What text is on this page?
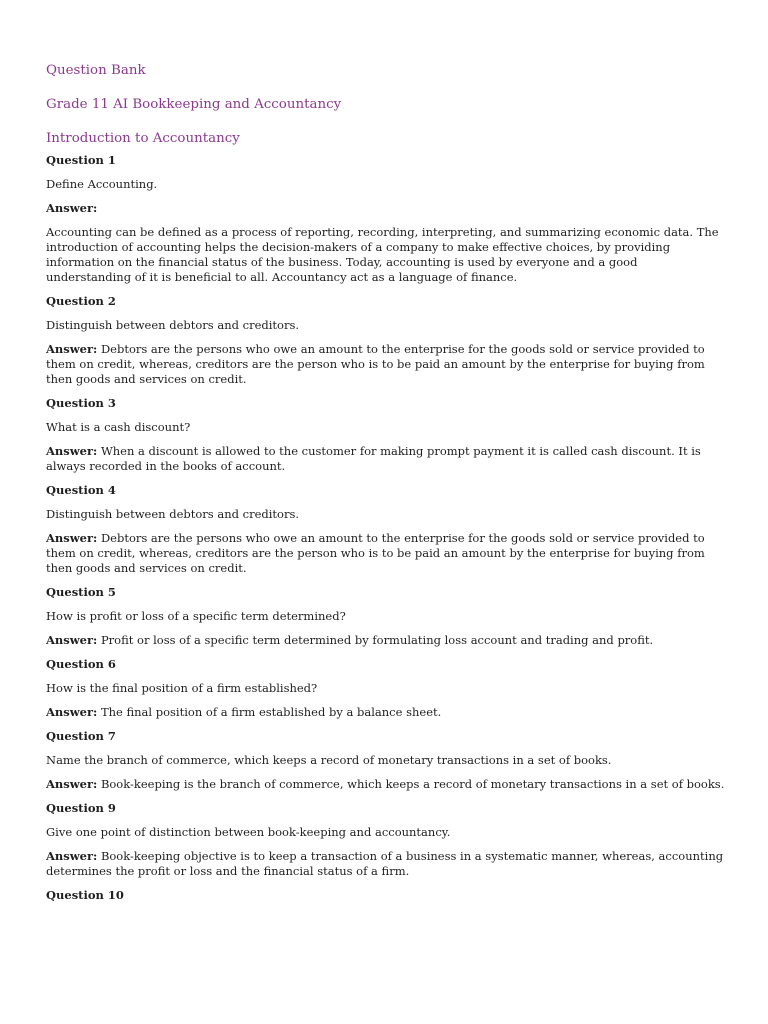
Question Bank

Grade 11 AI Bookkeeping and Accountancy

Introduction to Accountancy

Question 1

Define Accounting.

Answer:

Accounting can be defined as a process of reporting, recording, interpreting, and summarizing economic data. The introduction of accounting helps the decision-makers of a company to make effective choices, by providing information on the financial status of the business. Today, accounting is used by everyone and a good understanding of it is beneficial to all. Accountancy act as a language of finance.

Question 2

Distinguish between debtors and creditors.

Answer: Debtors are the persons who owe an amount to the enterprise for the goods sold or service provided to them on credit, whereas, creditors are the person who is to be paid an amount by the enterprise for buying from then goods and services on credit.

Question 3

What is a cash discount?

Answer: When a discount is allowed to the customer for making prompt payment it is called cash discount. It is always recorded in the books of account.

Question 4

Distinguish between debtors and creditors.

Answer: Debtors are the persons who owe an amount to the enterprise for the goods sold or service provided to them on credit, whereas, creditors are the person who is to be paid an amount by the enterprise for buying from then goods and services on credit.

Question 5

How is profit or loss of a specific term determined?

Answer: Profit or loss of a specific term determined by formulating loss account and trading and profit.

Question 6

How is the final position of a firm established?

Answer: The final position of a firm established by a balance sheet.

Question 7

Name the branch of commerce, which keeps a record of monetary transactions in a set of books.

Answer: Book-keeping is the branch of commerce, which keeps a record of monetary transactions in a set of books.

Question 9

Give one point of distinction between book-keeping and accountancy.

Answer: Book-keeping objective is to keep a transaction of a business in a systematic manner, whereas, accounting determines the profit or loss and the financial status of a firm.

Question 10
